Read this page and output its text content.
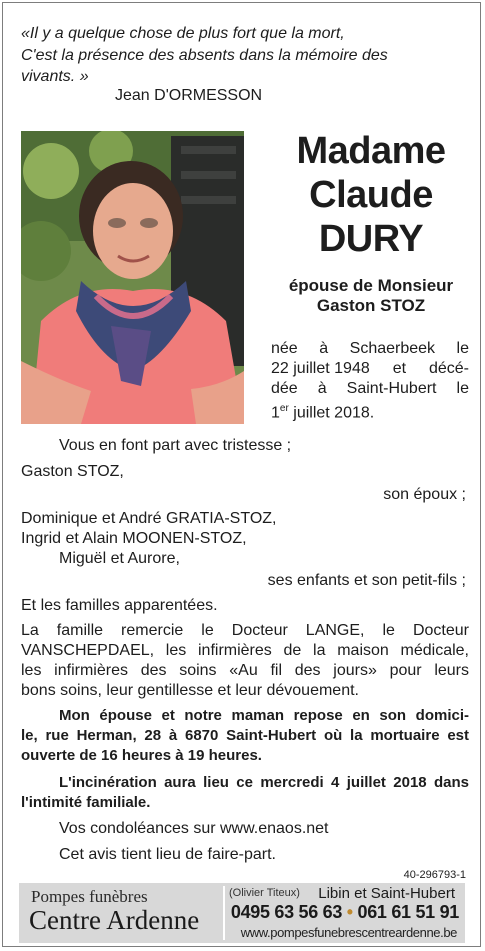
«Il y a quelque chose de plus fort que la mort,
C'est la présence des absents dans la mémoire des
vivants. »
Jean D'ORMESSON
Madame
Claude
DURY
épouse de Monsieur
Gaston STOZ
née à Schaerbeek le
22 juillet 1948 et décé-
dée à Saint-Hubert le
1er juillet 2018.
Vous en font part avec tristesse ;
Gaston STOZ,
son époux ;
Dominique et André GRATIA-STOZ,
Ingrid et Alain MOONEN-STOZ,
Miguël et Aurore,
ses enfants et son petit-fils ;
Et les familles apparentées.
La famille remercie le Docteur LANGE, le Docteur
VANSCHEPDAEL, les infirmières de la maison médicale,
les infirmières des soins «Au fil des jours» pour leurs
bons soins, leur gentillesse et leur dévouement.
Mon épouse et notre maman repose en son domici-
le, rue Herman, 28 à 6870 Saint-Hubert où la mortuaire est
ouverte de 16 heures à 19 heures.
L'incinération aura lieu ce mercredi 4 juillet 2018 dans
l'intimité familiale.
Vos condoléances sur www.enaos.net
Cet avis tient lieu de faire-part.
40-296793-1
Pompes funèbres
Centre Ardenne
(Olivier Titeux) Libin et Saint-Hubert
0495 63 56 63 • 061 61 51 91
www.pompesfunebrescentreardenne.be
